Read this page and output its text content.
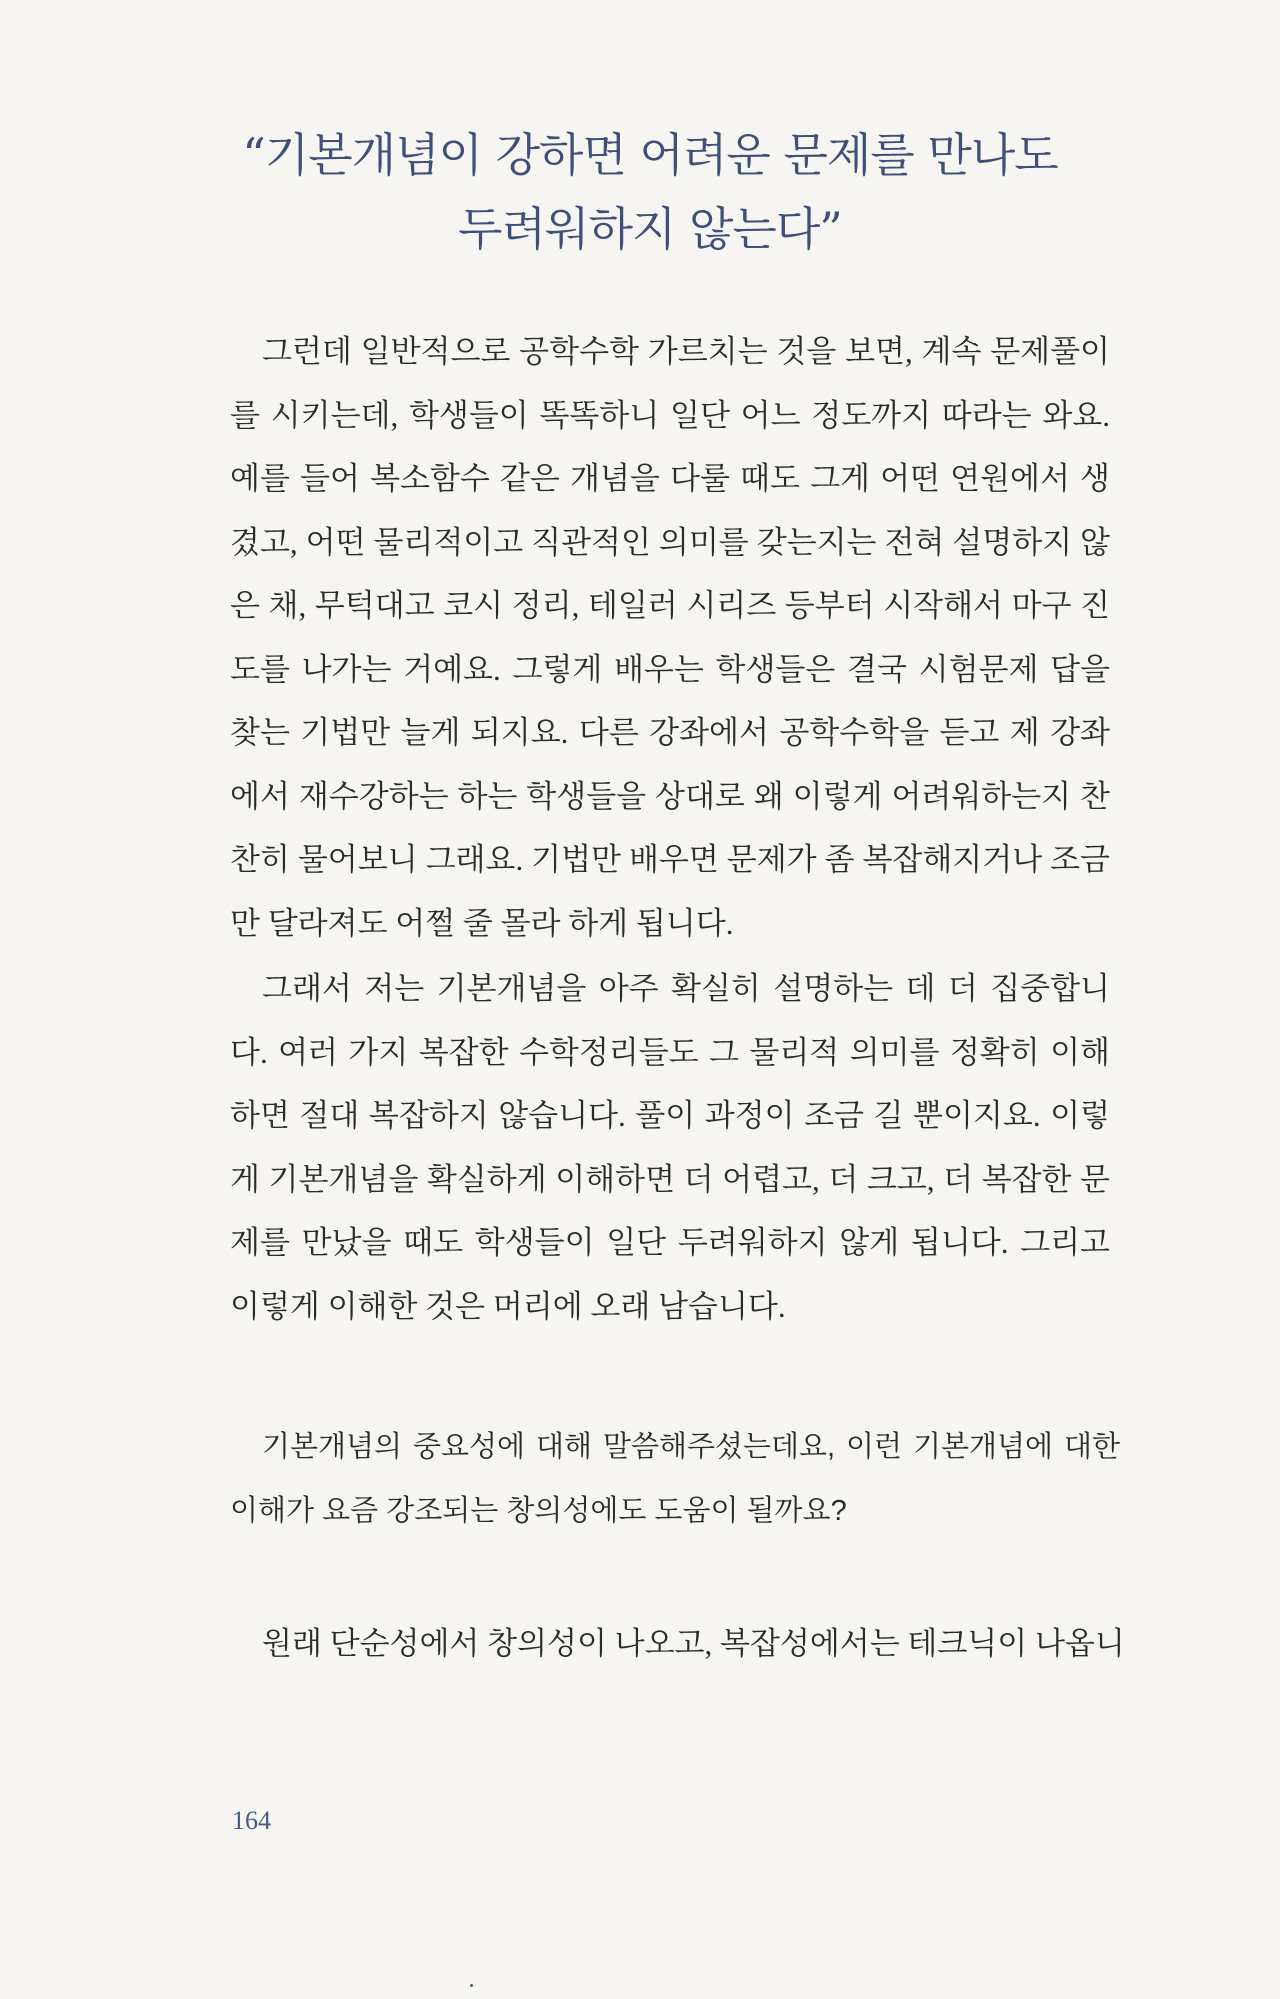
“기본개념이 강하면 어려운 문제를 만나도
두려워하지 않는다”

그런데 일반적으로 공학수학 가르치는 것을 보면, 계속 문제풀이를 시키는데, 학생들이 똑똑하니 일단 어느 정도까지 따라는 와요. 예를 들어 복소함수 같은 개념을 다룰 때도 그게 어떤 연원에서 생겼고, 어떤 물리적이고 직관적인 의미를 갖는지는 전혀 설명하지 않은 채, 무턱대고 코시 정리, 테일러 시리즈 등부터 시작해서 마구 진도를 나가는 거예요. 그렇게 배우는 학생들은 결국 시험문제 답을 찾는 기법만 늘게 되지요. 다른 강좌에서 공학수학을 듣고 제 강좌에서 재수강하는 하는 학생들을 상대로 왜 이렇게 어려워하는지 찬찬히 물어보니 그래요. 기법만 배우면 문제가 좀 복잡해지거나 조금만 달라져도 어쩔 줄 몰라 하게 됩니다.

그래서 저는 기본개념을 아주 확실히 설명하는 데 더 집중합니다. 여러 가지 복잡한 수학정리들도 그 물리적 의미를 정확히 이해하면 절대 복잡하지 않습니다. 풀이 과정이 조금 길 뿐이지요. 이렇게 기본개념을 확실하게 이해하면 더 어렵고, 더 크고, 더 복잡한 문제를 만났을 때도 학생들이 일단 두려워하지 않게 됩니다. 그리고 이렇게 이해한 것은 머리에 오래 남습니다.

기본개념의 중요성에 대해 말씀해주셨는데요, 이런 기본개념에 대한 이해가 요즘 강조되는 창의성에도 도움이 될까요?

원래 단순성에서 창의성이 나오고, 복잡성에서는 테크닉이 나옵니

164
